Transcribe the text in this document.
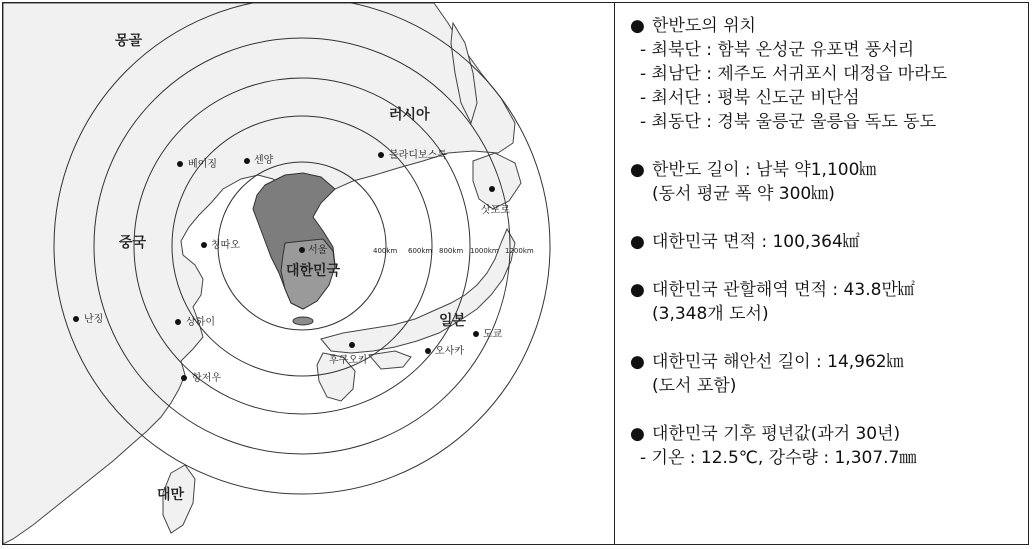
400km 600km 800km 1000km 1200km
몽골
러시아
중국
대한민국
일본
대만
베이징	센양	블라디보스톡
삿포로
칭따오	서울
난징	상하이
항저우
도쿄
후쿠오카
오사카
● 한반도의 위치
- 최북단 : 함북 온성군 유포면 풍서리
- 최남단 : 제주도 서귀포시 대정읍 마라도
- 최서단 : 평북 신도군 비단섬
- 최동단 : 경북 울릉군 울릉읍 독도 동도
● 한반도 길이 : 남북 약1,100㎞
(동서 평균 폭 약 300㎞)
● 대한민국 면적 : 100,364㎢
● 대한민국 관할해역 면적 : 43.8만㎢
(3,348개 도서)
● 대한민국 해안선 길이 : 14,962㎞
(도서 포함)
● 대한민국 기후 평년값(과거 30년)
- 기온 : 12.5℃, 강수량 : 1,307.7㎜
